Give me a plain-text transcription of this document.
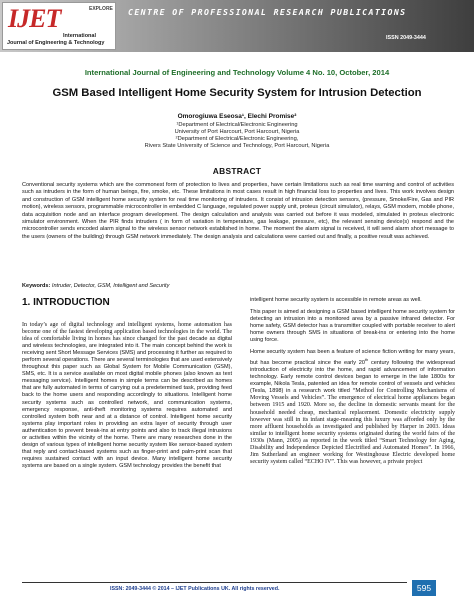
IJET	EXPLORE
International
Journal of Engineering & Technology
CENTRE OF PROFESSIONAL RESEARCH PUBLICATIONS
ISSN 2049-3444
International Journal of Engineering and Technology Volume 4 No. 10, October, 2014
GSM Based Intelligent Home Security System for Intrusion Detection
Omorogiuwa Eseosa¹, Elechi Promise²
¹Department of Electrical/Electronic Engineering
University of Port Harcourt, Port Harcourt, Nigeria
²Department of Electrical/Electronic Engineering,
Rivers State University of Science and Technology, Port Harcourt, Nigeria
ABSTRACT
Conventional security systems which are the commonest form of protection to lives and properties, have certain limitations such as real time warning and control of activities such as intruders in the form of human beings, fire, smoke, etc. These limitations in most cases result in high financial loss to properties and lives. This work involves design and construction of GSM intelligent home security system for real time monitoring of intruders. It consist of intrusion detection sensors, (pressure, Smoke/Fire, Gas and PIR motion), wireless sensors, programmable microcontroller in embedded C language, regulated power supply unit, proteus (circuit simulator), relays, GSM modem, mobile phone, data acquisition node and an interface program development. The design calculation and analysis was carried out before it was modeled, simulated in proteus electronic simulator environment. When the PIR finds intruders ( in form of variation in temperature, gas leakage, pressure, etc), the relevant sensing device(s) respond and the microcontroller sends encoded alarm signal to the wireless sensor network established in home. The moment the alarm signal is received, it will send alarm short message to the users (owners of the building) through GSM network immediately. The design analysis and calculations were carried out and finally, a positive result was achieved.
Keywords: Intruder, Detector, GSM, Intelligent and Security
1. INTRODUCTION

In today’s age of digital technology and intelligent systems, home automation has become one of the fastest developing application based technologies in the world. The idea of comfortable living in homes has since changed for the past decade as digital and wireless technologies, are integrated into it. The main concept behind the work is receiving sent Short Message Services (SMS) and processing it further as required to perform several operations. There are several terminologies that are used extensively throughout this paper such as Global System for Mobile Communication (GSM), SMS, etc. It is a service available on most digital mobile phones (also known as text messaging service). Intelligent homes in simple terms can be described as homes that are fully automated in terms of carrying out a predetermined task, providing feed back to the home users and responding accordingly to situations. Intelligent home security systems such as controlled network, and communication systems, emergency response, anti-theft monitoring systems requires automated and controlled system both near and at a distance of control. Intelligent home security systems play important roles in providing an extra layer of security through user authentication to prevent break-ins at entry points and also to track illegal intrusions or activities within the vicinity of the home. There are many researches done in the design of various types of intelligent home security system like sensor-based system that reply and contact-based systems such as finger-print and palm-print scan that requires sustained contact with an input device. Many intelligent home security systems are based on a single system. GSM technology provides the benefit that

intelligent home security system is accessible in remote areas as well.

This paper is aimed at designing a GSM based intelligent home security system for detecting an intrusion into a monitored area by a passive infrared detector. For home safety, GSM detector has a transmitter coupled with portable receiver to alert home owners through SMS in situations of break-ins or entering into the home using force.

Home security system has been a feature of science fiction writing for many years, but has become practical since the early 20th century following the widespread introduction of electricity into the home, and rapid advancement of information technology. Early remote control devices began to emerge in the late 1800s for example, Nikola Tesla, patented an idea for remote control of vessels and vehicles (Tesla, 1898) in a research work titled “Method for Controlling Mechanisms of Moving Vessels and Vehicles”. The emergence of electrical home appliances began between 1915 and 1920. More so, the decline in domestic servants meant for the household needed cheap, mechanical replacement. Domestic electricity supply however was still in its infant stage-meaning this luxury was afforded only by the more affluent households as investigated and published by Harper in 2003. Ideas similar to intelligent home security systems originated during the world fairs of the 1930s (Mann, 2005) as reported in the work titled “Smart Technology for Aging, Disability and Independence Depicted Electrified and Automated Homes”. In 1966, Jim Sutherland an engineer working for Westinghouse Electric developed home security system called “ECHO IV”. This was however, a private project

ISSN: 2049-3444 © 2014 – IJET Publications UK. All rights reserved.	595
